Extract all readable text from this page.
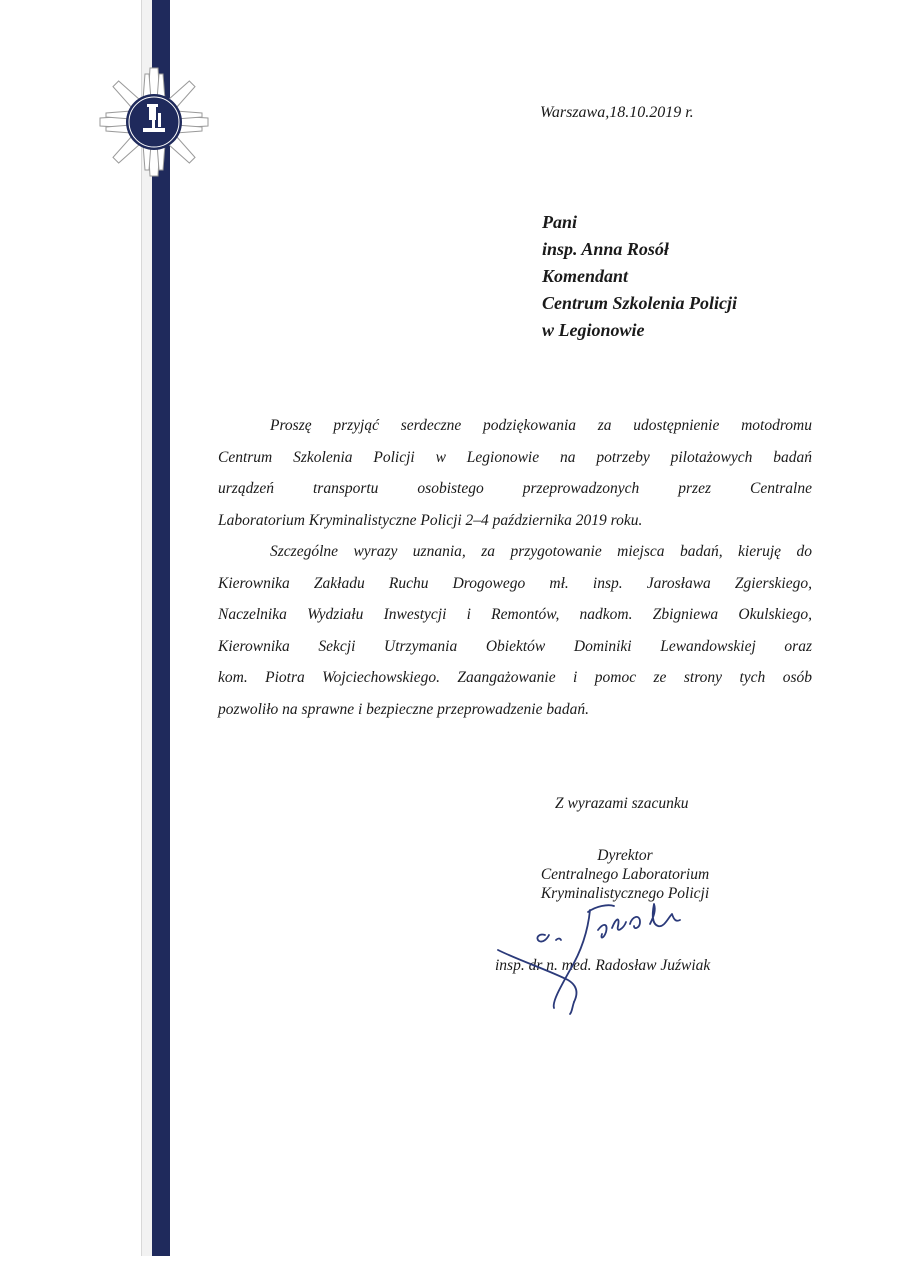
Warszawa,18.10.2019 r.
Pani
insp. Anna Rosół
Komendant
Centrum Szkolenia Policji
w Legionowie
Proszę przyjąć serdeczne podziękowania za udostępnienie motodromu
Centrum Szkolenia Policji w Legionowie na potrzeby pilotażowych badań
urządzeń transportu osobistego przeprowadzonych przez Centralne
Laboratorium Kryminalistyczne Policji 2–4 października 2019 roku.
Szczególne wyrazy uznania, za przygotowanie miejsca badań, kieruję do
Kierownika Zakładu Ruchu Drogowego mł. insp. Jarosława Zgierskiego,
Naczelnika Wydziału Inwestycji i Remontów, nadkom. Zbigniewa Okulskiego,
Kierownika Sekcji Utrzymania Obiektów Dominiki Lewandowskiej oraz
kom. Piotra Wojciechowskiego. Zaangażowanie i pomoc ze strony tych osób
pozwoliło na sprawne i bezpieczne przeprowadzenie badań.
Z wyrazami szacunku
Dyrektor
Centralnego Laboratorium
Kryminalistycznego Policji
insp. dr n. med. Radosław Juźwiak
